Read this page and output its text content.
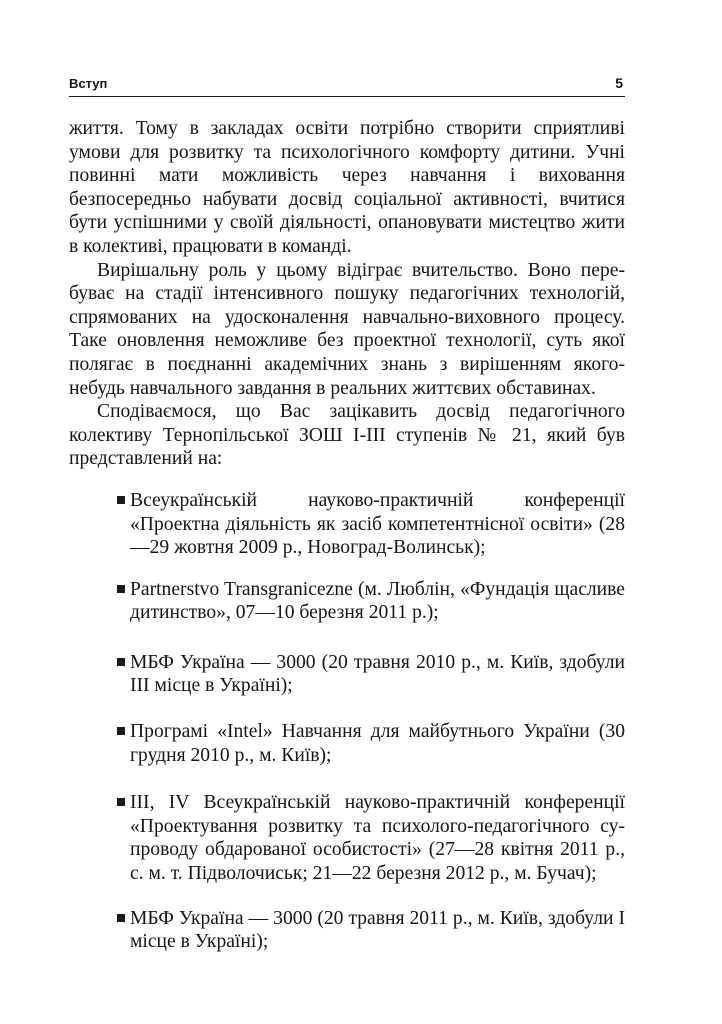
Вступ	5

життя. Тому в закладах освіти потрібно створити сприятливі умови для розвитку та психологічного комфорту дитини. Учні повинні мати можливість через навчання і виховання безпосередньо набувати досвід соціальної активності, вчитися бути успішними у своїй діяльності, опановувати мистецтво жити в колективі, працювати в команді.

Вирішальну роль у цьому відіграє вчительство. Воно перебуває на стадії інтенсивного пошуку педагогічних технологій, спрямованих на удосконалення навчально-виховного процесу. Таке оновлення неможливе без проектної технології, суть якої полягає в поєднанні академічних знань з вирішенням якого-небудь навчального завдання в реальних життєвих обставинах.

Сподіваємося, що Вас зацікавить досвід педагогічного колективу Тернопільської ЗОШ I-III ступенів № 21, який був представлений на:

Всеукраїнській науково-практичній конференції «Проектна діяльність як засіб компетентнісної освіти» (28—29 жовтня 2009 р., Новоград-Волинськ);
Partnerstvo Transgranicezne (м. Люблін, «Фундація щасливе дитинство», 07—10 березня 2011 р.);
МБФ Україна — 3000 (20 травня 2010 р., м. Київ, здобули ІІІ місце в Україні);
Програмі «Intel» Навчання для майбутнього України (30 грудня 2010 р., м. Київ);
ІІІ, IV Всеукраїнській науково-практичній конференції «Проектування розвитку та психолого-педагогічного супроводу обдарованої особистості» (27—28 квітня 2011 р., с. м. т. Підволочиськ; 21—22 березня 2012 р., м. Бучач);
МБФ Україна — 3000 (20 травня 2011 р., м. Київ, здобули І місце в Україні);
